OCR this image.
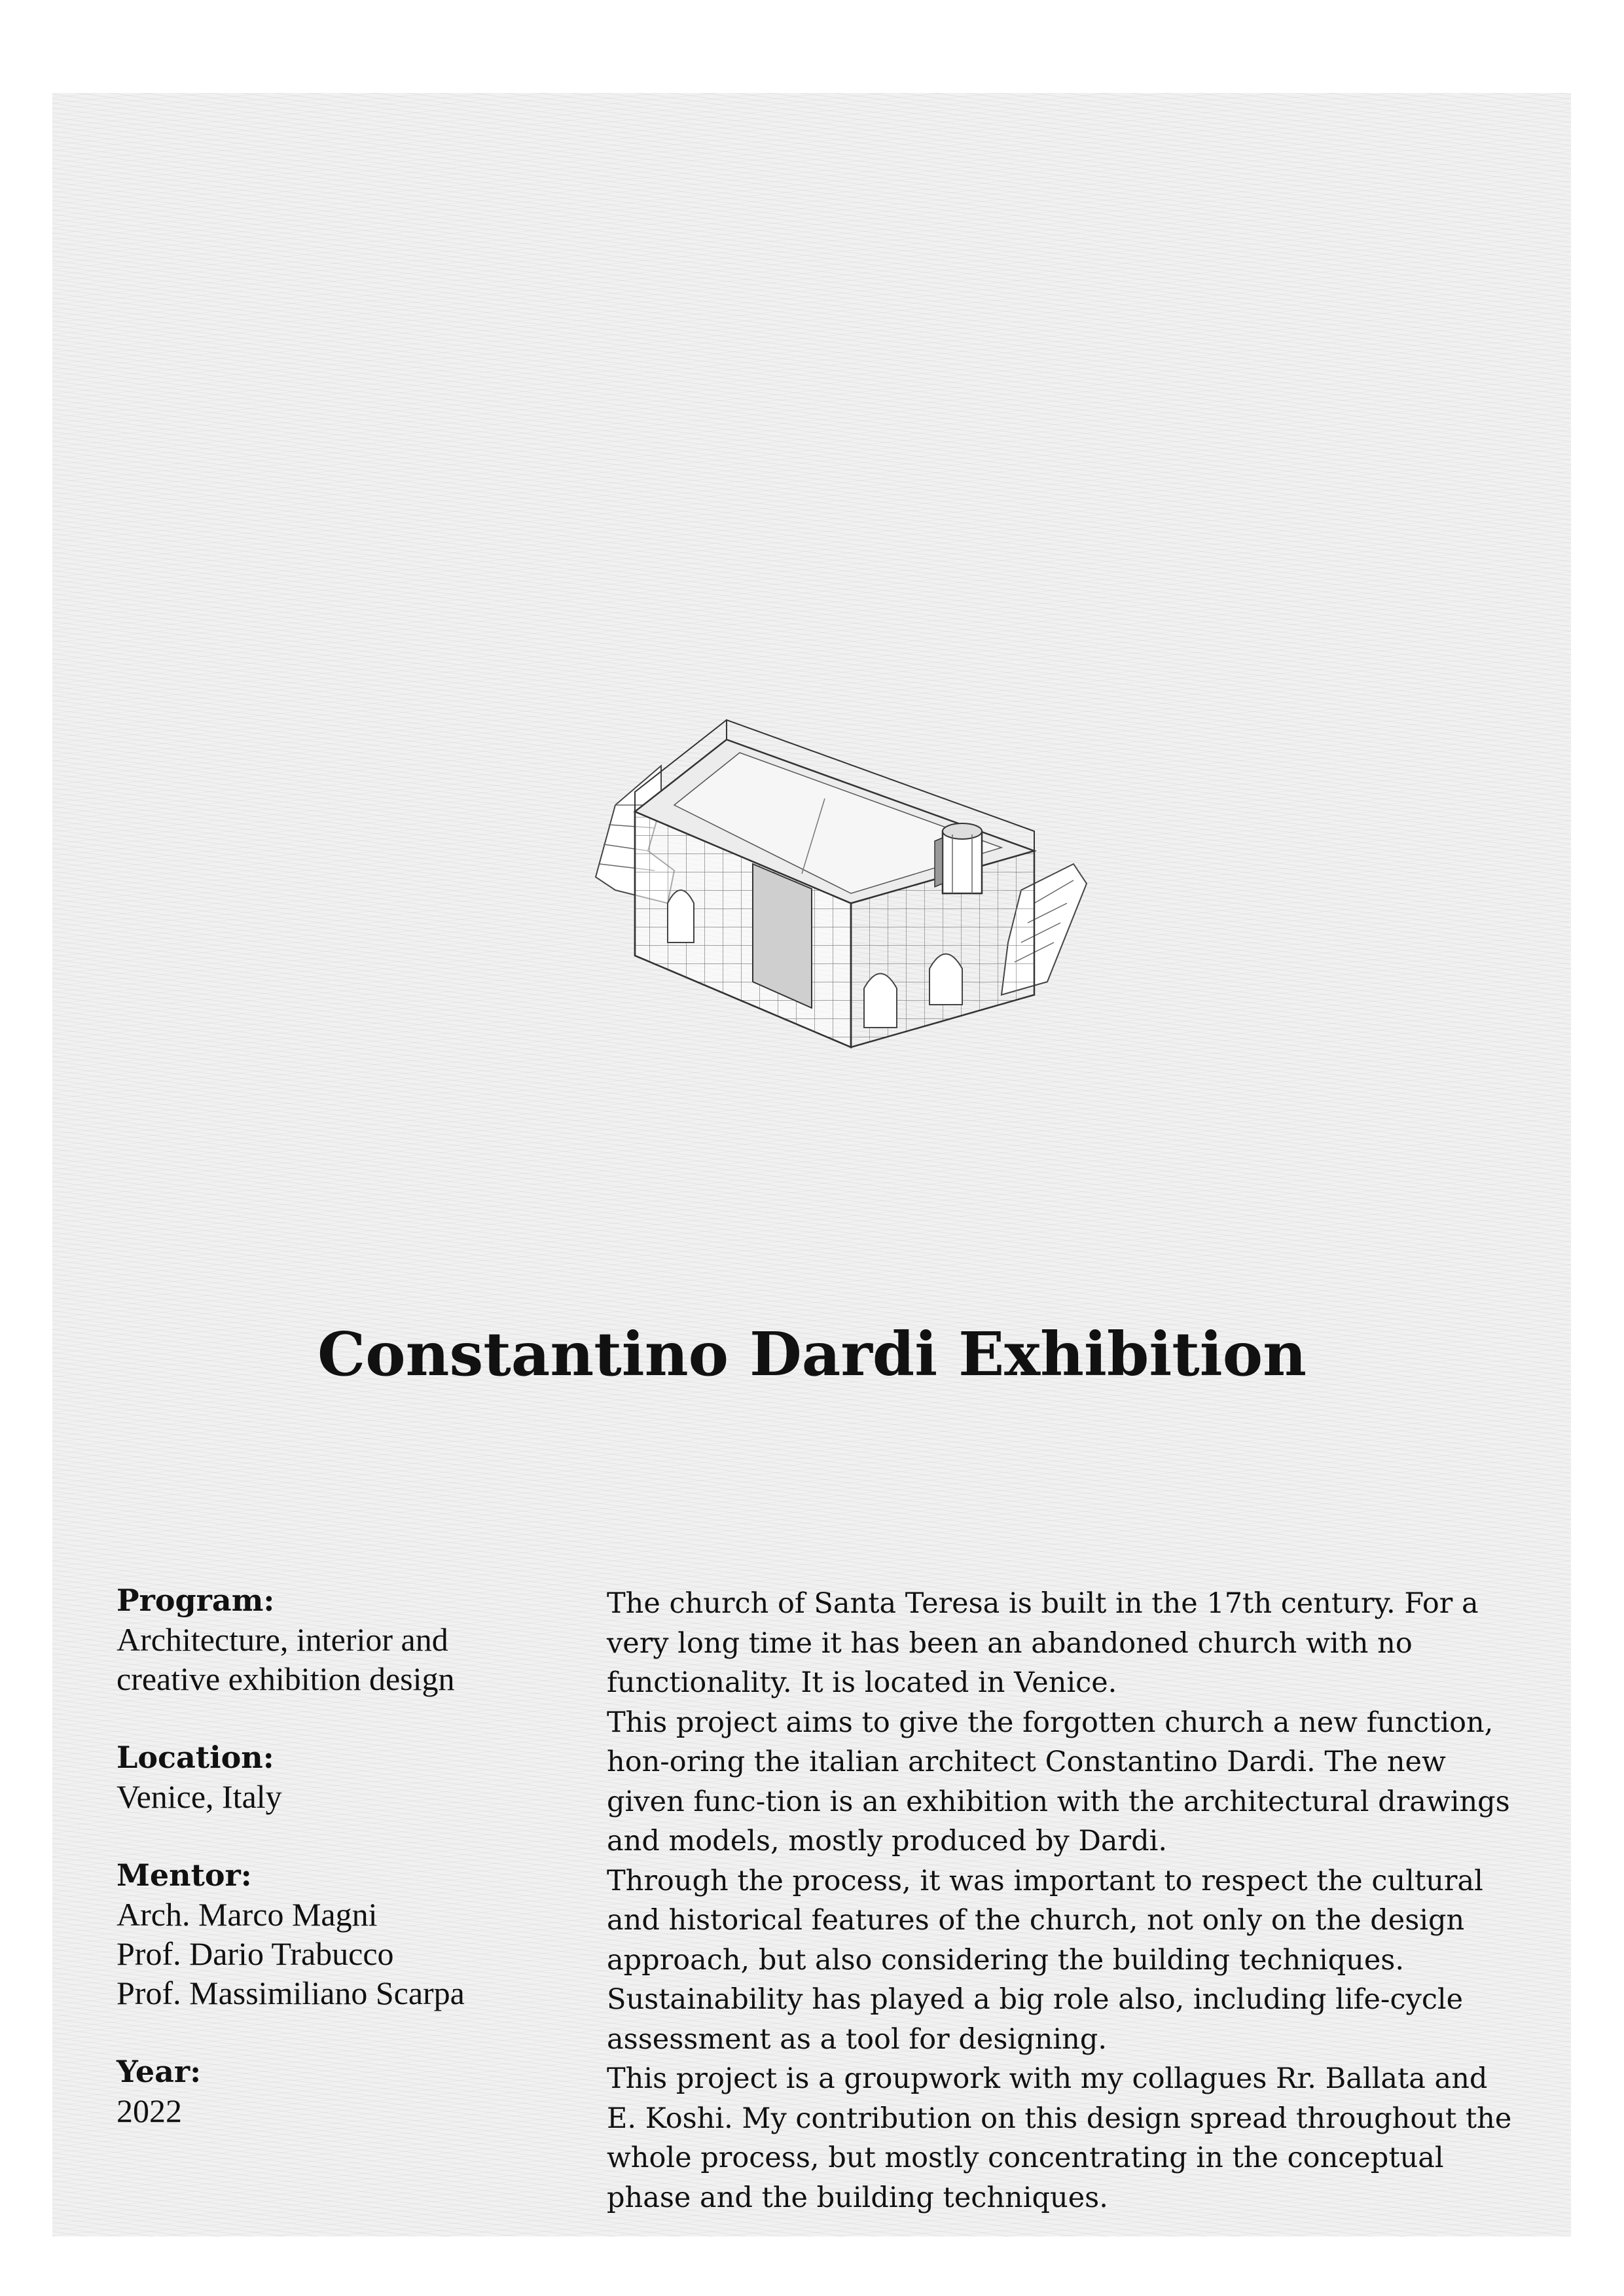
Constantino Dardi Exhibition
Program:
Architecture, interior and
creative exhibition design
Location:
Venice, Italy
Mentor:
Arch. Marco Magni
Prof. Dario Trabucco
Prof. Massimiliano Scarpa
Year:
2022

The church of Santa Teresa is built in the 17th century. For a very long time it has been an abandoned church with no functionality. It is located in Venice.

This project aims to give the forgotten church a new function, hon-oring the italian architect Constantino Dardi. The new given func-tion is an exhibition with the architectural drawings and models, mostly produced by Dardi.

Through the process, it was important to respect the cultural and historical features of the church, not only on the design approach, but also considering the building techniques. Sustainability has played a big role also, including life-cycle assessment as a tool for designing.

This project is a groupwork with my collagues Rr. Ballata and E. Koshi. My contribution on this design spread throughout the whole process, but mostly concentrating in the conceptual phase and the building techniques.
